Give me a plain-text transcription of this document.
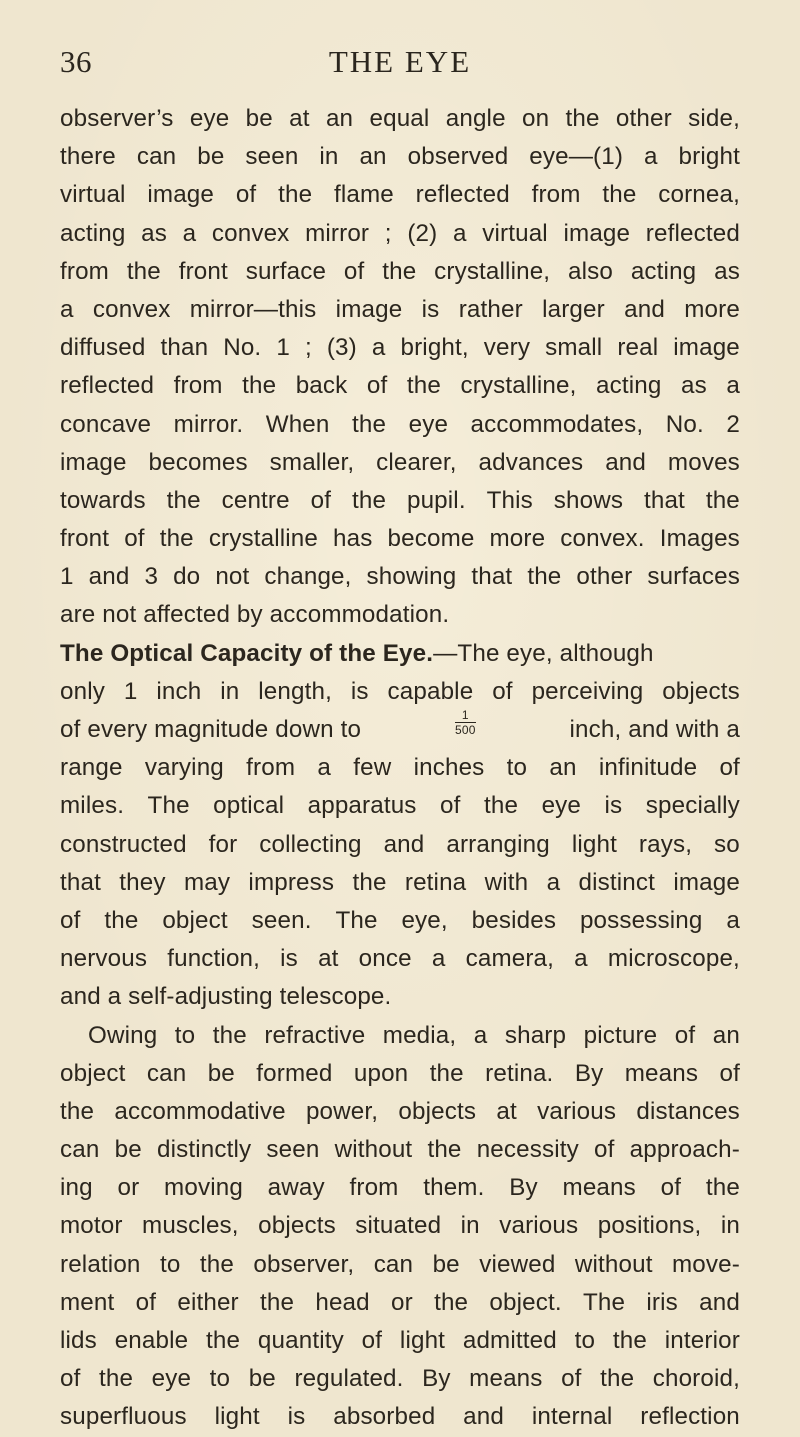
36	THE EYE
observer’s eye be at an equal angle on the other side,
there can be seen in an observed eye—(1) a bright
virtual image of the flame reflected from the cornea,
acting as a convex mirror ; (2) a virtual image reflected
from the front surface of the crystalline, also acting as
a convex mirror—this image is rather larger and more
diffused than No. 1 ; (3) a bright, very small real image
reflected from the back of the crystalline, acting as a
concave mirror. When the eye accommodates, No. 2
image becomes smaller, clearer, advances and moves
towards the centre of the pupil. This shows that the
front of the crystalline has become more convex. Images
1 and 3 do not change, showing that the other surfaces
are not affected by accommodation.
The Optical Capacity of the Eye.—The eye, although
only 1 inch in length, is capable of perceiving objects
of every magnitude down to	$\frac{1}{500}$	inch, and with a
range varying from a few inches to an infinitude of
miles. The optical apparatus of the eye is specially
constructed for collecting and arranging light rays, so
that they may impress the retina with a distinct image
of the object seen. The eye, besides possessing a
nervous function, is at once a camera, a microscope,
and a self-adjusting telescope.
Owing to the refractive media, a sharp picture of an
object can be formed upon the retina. By means of
the accommodative power, objects at various distances
can be distinctly seen without the necessity of approach-
ing or moving away from them. By means of the
motor muscles, objects situated in various positions, in
relation to the observer, can be viewed without move-
ment of either the head or the object. The iris and
lids enable the quantity of light admitted to the interior
of the eye to be regulated. By means of the choroid,
superfluous light is absorbed and internal reflection
